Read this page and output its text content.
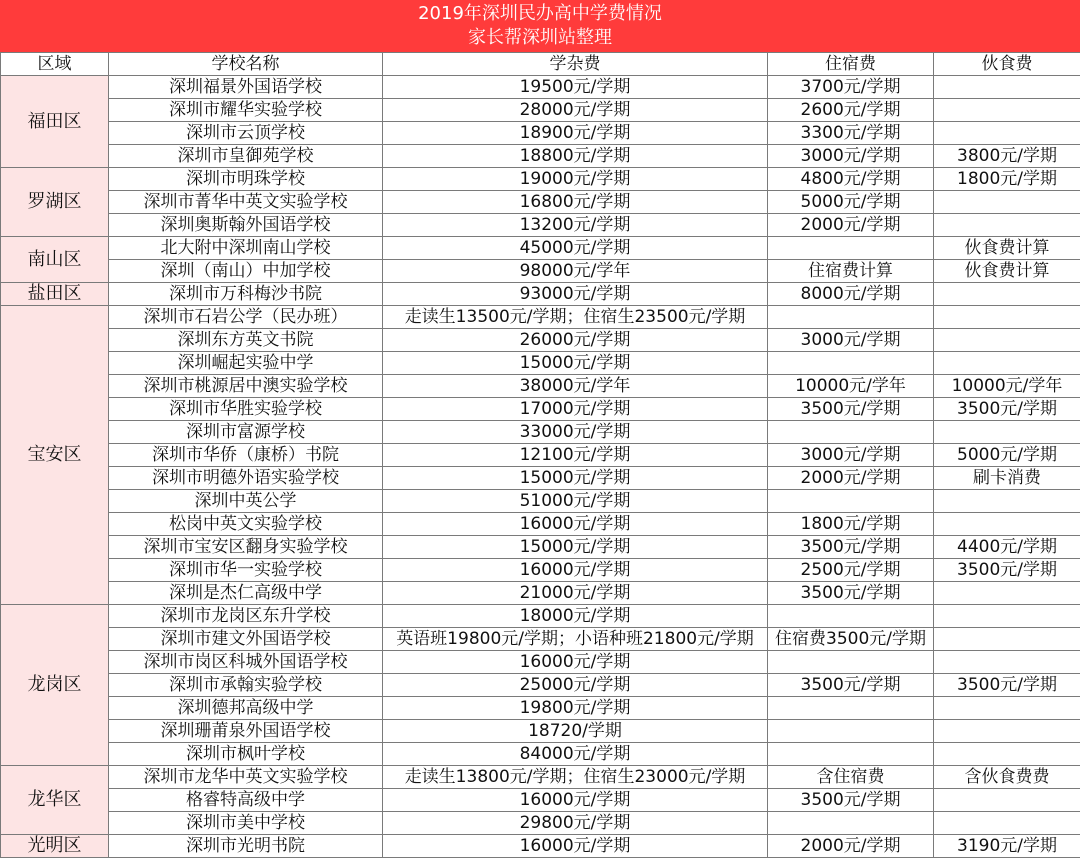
2019年深圳民办高中学费情况
家长帮深圳站整理
区域	学校名称	学杂费	住宿费	伙食费
福田区	深圳福景外国语学校	19500元/学期	3700元/学期	
	深圳市耀华实验学校	28000元/学期	2600元/学期	
	深圳市云顶学校	18900元/学期	3300元/学期	
	深圳市皇御苑学校	18800元/学期	3000元/学期	3800元/学期
罗湖区	深圳市明珠学校	19000元/学期	4800元/学期	1800元/学期
	深圳市菁华中英文实验学校	16800元/学期	5000元/学期	
	深圳奥斯翰外国语学校	13200元/学期	2000元/学期	
南山区	北大附中深圳南山学校	45000元/学期		伙食费计算
	深圳（南山）中加学校	98000元/学年	住宿费计算	伙食费计算
盐田区	深圳市万科梅沙书院	93000元/学期	8000元/学期	
宝安区	深圳市石岩公学（民办班）	走读生13500元/学期；住宿生23500元/学期		
	深圳东方英文书院	26000元/学期	3000元/学期	
	深圳崛起实验中学	15000元/学期		
	深圳市桃源居中澳实验学校	38000元/学年	10000元/学年	10000元/学年
	深圳市华胜实验学校	17000元/学期	3500元/学期	3500元/学期
	深圳市富源学校	33000元/学期		
	深圳市华侨（康桥）书院	12100元/学期	3000元/学期	5000元/学期
	深圳市明德外语实验学校	15000元/学期	2000元/学期	刷卡消费
	深圳中英公学	51000元/学期		
	松岗中英文实验学校	16000元/学期	1800元/学期	
	深圳市宝安区翻身实验学校	15000元/学期	3500元/学期	4400元/学期
	深圳市华一实验学校	16000元/学期	2500元/学期	3500元/学期
	深圳是杰仁高级中学	21000元/学期	3500元/学期	
龙岗区	深圳市龙岗区东升学校	18000元/学期		
	深圳市建文外国语学校	英语班19800元/学期；小语种班21800元/学期	住宿费3500元/学期	
	深圳市岗区科城外国语学校	16000元/学期		
	深圳市承翰实验学校	25000元/学期	3500元/学期	3500元/学期
	深圳德邦高级中学	19800元/学期		
	深圳珊莆泉外国语学校	18720/学期		
	深圳市枫叶学校	84000元/学期		
龙华区	深圳市龙华中英文实验学校	走读生13800元/学期；住宿生23000元/学期	含住宿费	含伙食费费
	格睿特高级中学	16000元/学期	3500元/学期	
	深圳市美中学校	29800元/学期		
光明区	深圳市光明书院	16000元/学期	2000元/学期	3190元/学期
